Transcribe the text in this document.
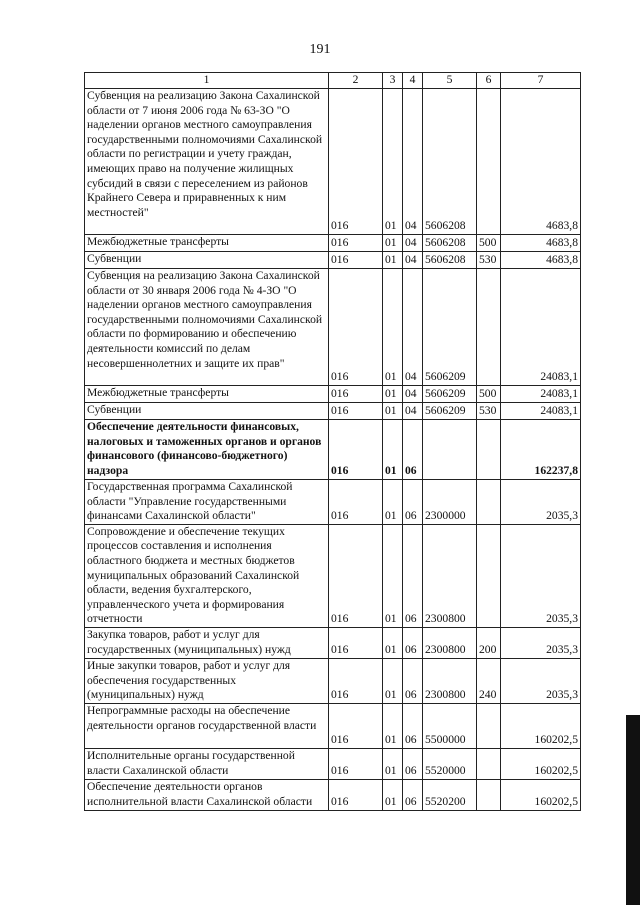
191
1	2	3	4	5	6	7
Субвенция на реализацию Закона Сахалинской области от 7 июня 2006 года № 63-ЗО "О наделении органов местного самоуправления государственными полномочиями Сахалинской области по регистрации и учету граждан, имеющих право на получение жилищных субсидий в связи с переселением из районов Крайнего Севера и приравненных к ним местностей"	016	01	04	5606208		4683,8
Межбюджетные трансферты	016	01	04	5606208	500	4683,8
Субвенции	016	01	04	5606208	530	4683,8
Субвенция на реализацию Закона Сахалинской области от 30 января 2006 года № 4-ЗО "О наделении органов местного самоуправления государственными полномочиями Сахалинской области по формированию и обеспечению деятельности комиссий по делам несовершеннолетних и защите их прав"	016	01	04	5606209		24083,1
Межбюджетные трансферты	016	01	04	5606209	500	24083,1
Субвенции	016	01	04	5606209	530	24083,1
Обеспечение деятельности финансовых, налоговых и таможенных органов и органов финансового (финансово-бюджетного) надзора	016	01	06			162237,8
Государственная программа Сахалинской области "Управление государственными финансами Сахалинской области"	016	01	06	2300000		2035,3
Сопровождение и обеспечение текущих процессов составления и исполнения областного бюджета и местных бюджетов муниципальных образований Сахалинской области, ведения бухгалтерского, управленческого учета и формирования отчетности	016	01	06	2300800		2035,3
Закупка товаров, работ и услуг для государственных (муниципальных) нужд	016	01	06	2300800	200	2035,3
Иные закупки товаров, работ и услуг для обеспечения государственных (муниципальных) нужд	016	01	06	2300800	240	2035,3
Непрограммные расходы на обеспечение деятельности органов государственной власти	016	01	06	5500000		160202,5
Исполнительные органы государственной власти Сахалинской области	016	01	06	5520000		160202,5
Обеспечение деятельности органов исполнительной власти Сахалинской области	016	01	06	5520200		160202,5
